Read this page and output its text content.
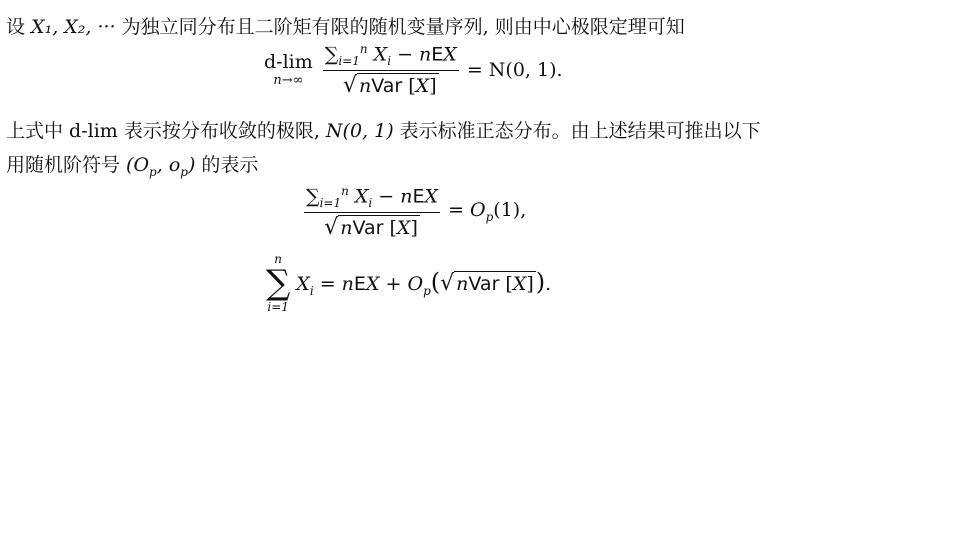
设 X₁, X₂, ··· 为独立同分布且二阶矩有限的随机变量序列, 则由中心极限定理可知
d-lim
$n\to\infty \frac{\sum_{i=1}^n X_i - nEX}{\text{√ nVar [X]}} = N(0$, 1).
上式中 d-lim 表示按分布收敛的极限, N(0, 1) 表示标准正态分布。由上述结果可推出以下
用随机阶符号 ($O_p$, $o_p$) 的表示
$\frac{\sum_{i=1}^n X_i - nEX}{\text{√ nVar [X]}} = O_p(1)$,
n
∑
i=1
$X_i$ = nEX + $O_p$( √ nVar [X] ).
